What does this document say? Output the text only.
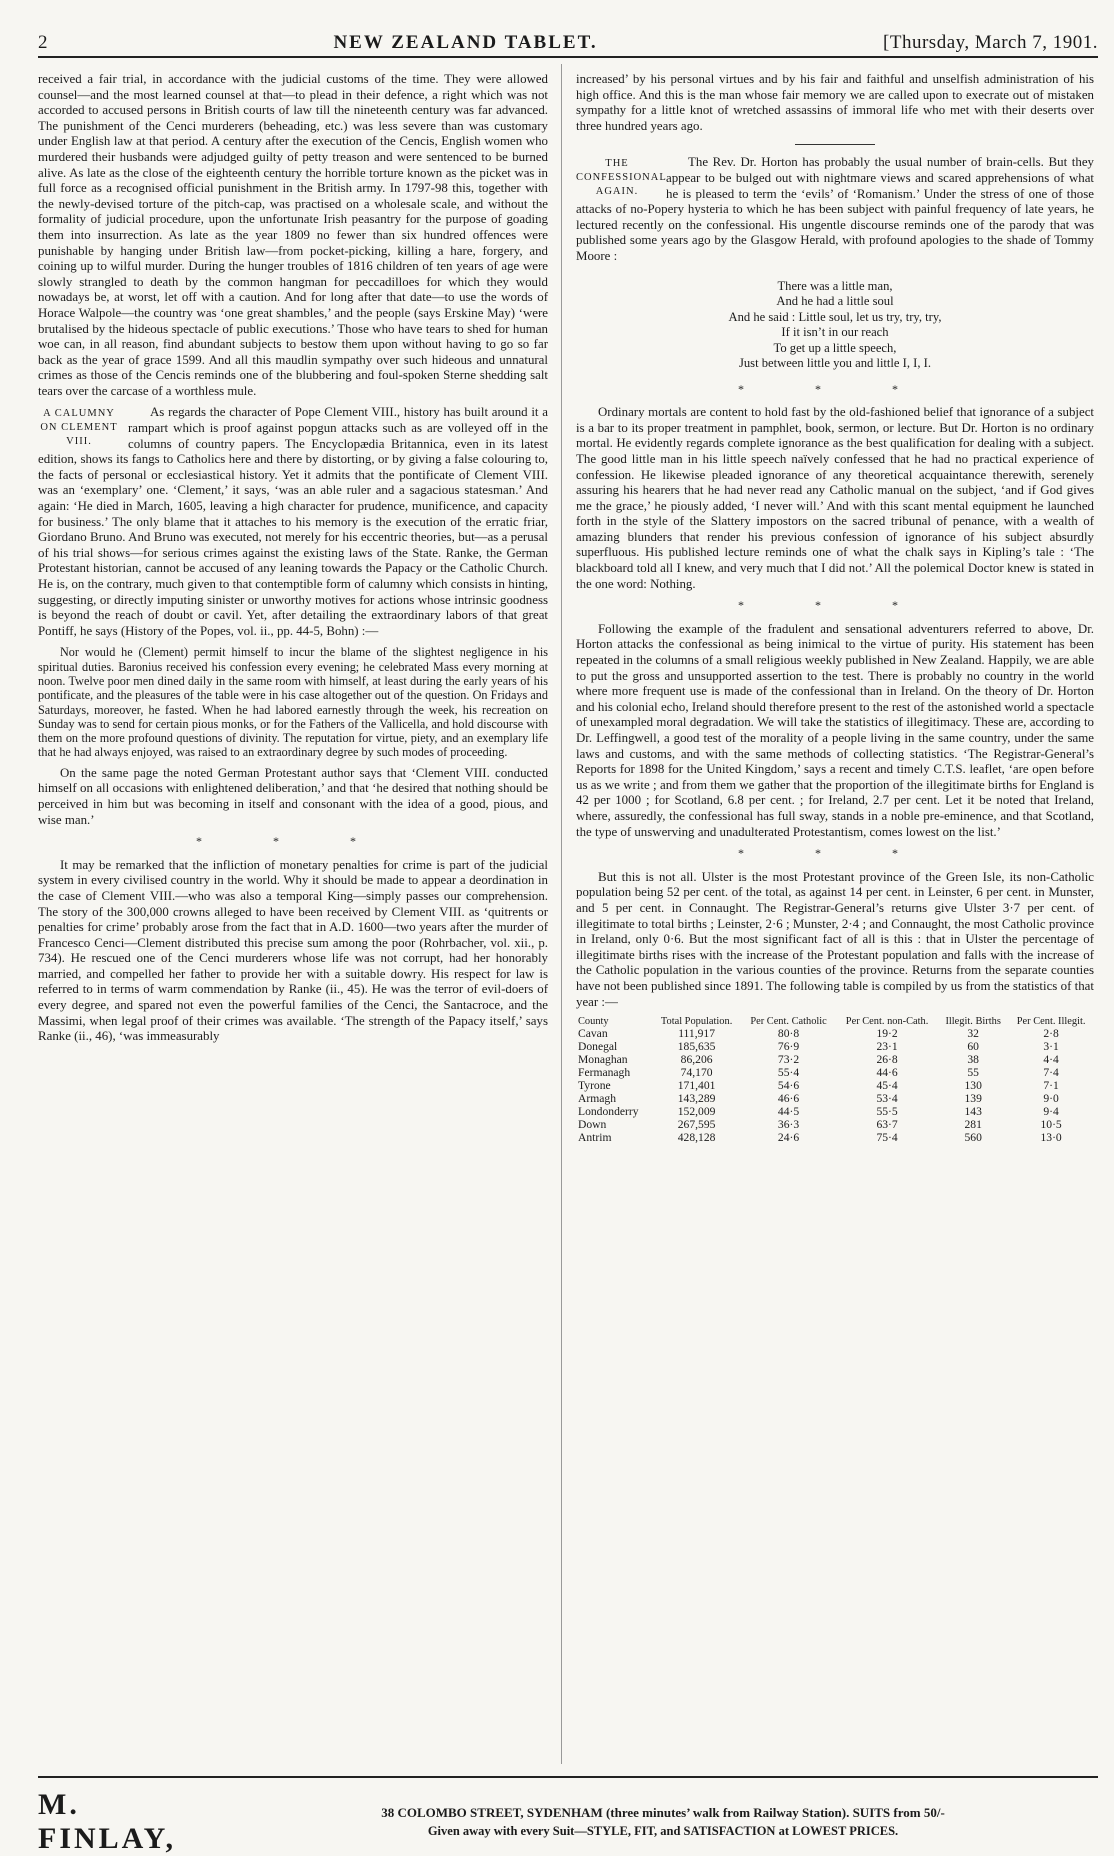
2	NEW ZEALAND TABLET.	[Thursday, March 7, 1901.

received a fair trial, in accordance with the judicial customs of the time. They were allowed counsel—and the most learned counsel at that—to plead in their defence, a right which was not accorded to accused persons in British courts of law till the nineteenth century was far advanced. The punishment of the Cenci murderers (beheading, etc.) was less severe than was customary under English law at that period. A century after the execution of the Cencis, English women who murdered their husbands were adjudged guilty of petty treason and were sentenced to be burned alive. As late as the close of the eighteenth century the horrible torture known as the picket was in full force as a recognised official punishment in the British army. In 1797-98 this, together with the newly-devised torture of the pitch-cap, was practised on a wholesale scale, and without the formality of judicial procedure, upon the unfortunate Irish peasantry for the purpose of goading them into insurrection. As late as the year 1809 no fewer than six hundred offences were punishable by hanging under British law—from pocket-picking, killing a hare, forgery, and coining up to wilful murder. During the hunger troubles of 1816 children of ten years of age were slowly strangled to death by the common hangman for peccadilloes for which they would nowadays be, at worst, let off with a caution. And for long after that date—to use the words of Horace Walpole—the country was ‘one great shambles,’ and the people (says Erskine May) ‘were brutalised by the hideous spectacle of public executions.’ Those who have tears to shed for human woe can, in all reason, find abundant subjects to bestow them upon without having to go so far back as the year of grace 1599. And all this maudlin sympathy over such hideous and unnatural crimes as those of the Cencis reminds one of the blubbering and foul-spoken Sterne shedding salt tears over the carcase of a worthless mule.

A CALUMNY ON CLEMENT VIII.

As regards the character of Pope Clement VIII., history has built around it a rampart which is proof against popgun attacks such as are volleyed off in the columns of country papers. The Encyclopædia Britannica, even in its latest edition, shows its fangs to Catholics here and there by distorting, or by giving a false colouring to, the facts of personal or ecclesiastical history. Yet it admits that the pontificate of Clement VIII. was an ‘exemplary’ one. ‘Clement,’ it says, ‘was an able ruler and a sagacious statesman.’ And again: ‘He died in March, 1605, leaving a high character for prudence, munificence, and capacity for business.’ The only blame that it attaches to his memory is the execution of the erratic friar, Giordano Bruno. And Bruno was executed, not merely for his eccentric theories, but—as a perusal of his trial shows—for serious crimes against the existing laws of the State. Ranke, the German Protestant historian, cannot be accused of any leaning towards the Papacy or the Catholic Church. He is, on the contrary, much given to that contemptible form of calumny which consists in hinting, suggesting, or directly imputing sinister or unworthy motives for actions whose intrinsic goodness is beyond the reach of doubt or cavil. Yet, after detailing the extraordinary labors of that great Pontiff, he says (History of the Popes, vol. ii., pp. 44-5, Bohn) :—

Nor would he (Clement) permit himself to incur the blame of the slightest negligence in his spiritual duties. Baronius received his confession every evening; he celebrated Mass every morning at noon. Twelve poor men dined daily in the same room with himself, at least during the early years of his pontificate, and the pleasures of the table were in his case altogether out of the question. On Fridays and Saturdays, moreover, he fasted. When he had labored earnestly through the week, his recreation on Sunday was to send for certain pious monks, or for the Fathers of the Vallicella, and hold discourse with them on the more profound questions of divinity. The reputation for virtue, piety, and an exemplary life that he had always enjoyed, was raised to an extraordinary degree by such modes of proceeding.

On the same page the noted German Protestant author says that ‘Clement VIII. conducted himself on all occasions with enlightened deliberation,’ and that ‘he desired that nothing should be perceived in him but was becoming in itself and consonant with the idea of a good, pious, and wise man.’

* * *

It may be remarked that the infliction of monetary penalties for crime is part of the judicial system in every civilised country in the world. Why it should be made to appear a deordination in the case of Clement VIII.—who was also a temporal King—simply passes our comprehension. The story of the 300,000 crowns alleged to have been received by Clement VIII. as ‘quitrents or penalties for crime’ probably arose from the fact that in A.D. 1600—two years after the murder of Francesco Cenci—Clement distributed this precise sum among the poor (Rohrbacher, vol. xii., p. 734). He rescued one of the Cenci murderers whose life was not corrupt, had her honorably married, and compelled her father to provide her with a suitable dowry. His respect for law is referred to in terms of warm commendation by Ranke (ii., 45). He was the terror of evil-doers of every degree, and spared not even the powerful families of the Cenci, the Santacroce, and the Massimi, when legal proof of their crimes was available. ‘The strength of the Papacy itself,’ says Ranke (ii., 46), ‘was immeasurably

increased’ by his personal virtues and by his fair and faithful and unselfish administration of his high office. And this is the man whose fair memory we are called upon to execrate out of mistaken sympathy for a little knot of wretched assassins of immoral life who met with their deserts over three hundred years ago.

THE CONFESSIONAL AGAIN.

The Rev. Dr. Horton has probably the usual number of brain-cells. But they appear to be bulged out with nightmare views and scared apprehensions of what he is pleased to term the ‘evils’ of ‘Romanism.’ Under the stress of one of those attacks of no-Popery hysteria to which he has been subject with painful frequency of late years, he lectured recently on the confessional. His ungentle discourse reminds one of the parody that was published some years ago by the Glasgow Herald, with profound apologies to the shade of Tommy Moore :

There was a little man,
And he had a little soul
And he said : Little soul, let us try, try, try,
If it isn’t in our reach
To get up a little speech,
Just between little you and little I, I, I.
* * *

Ordinary mortals are content to hold fast by the old-fashioned belief that ignorance of a subject is a bar to its proper treatment in pamphlet, book, sermon, or lecture. But Dr. Horton is no ordinary mortal. He evidently regards complete ignorance as the best qualification for dealing with a subject. The good little man in his little speech naïvely confessed that he had no practical experience of confession. He likewise pleaded ignorance of any theoretical acquaintance therewith, serenely assuring his hearers that he had never read any Catholic manual on the subject, ‘and if God gives me the grace,’ he piously added, ‘I never will.’ And with this scant mental equipment he launched forth in the style of the Slattery impostors on the sacred tribunal of penance, with a wealth of amazing blunders that render his previous confession of ignorance of his subject absurdly superfluous. His published lecture reminds one of what the chalk says in Kipling’s tale : ‘The blackboard told all I knew, and very much that I did not.’ All the polemical Doctor knew is stated in the one word: Nothing.

* * *

Following the example of the fradulent and sensational adventurers referred to above, Dr. Horton attacks the confessional as being inimical to the virtue of purity. His statement has been repeated in the columns of a small religious weekly published in New Zealand. Happily, we are able to put the gross and unsupported assertion to the test. There is probably no country in the world where more frequent use is made of the confessional than in Ireland. On the theory of Dr. Horton and his colonial echo, Ireland should therefore present to the rest of the astonished world a spectacle of unexampled moral degradation. We will take the statistics of illegitimacy. These are, according to Dr. Leffingwell, a good test of the morality of a people living in the same country, under the same laws and customs, and with the same methods of collecting statistics. ‘The Registrar-General’s Reports for 1898 for the United Kingdom,’ says a recent and timely C.T.S. leaflet, ‘are open before us as we write ; and from them we gather that the proportion of the illegitimate births for England is 42 per 1000 ; for Scotland, 6.8 per cent. ; for Ireland, 2.7 per cent. Let it be noted that Ireland, where, assuredly, the confessional has full sway, stands in a noble pre-eminence, and that Scotland, the type of unswerving and unadulterated Protestantism, comes lowest on the list.’

* * *

But this is not all. Ulster is the most Protestant province of the Green Isle, its non-Catholic population being 52 per cent. of the total, as against 14 per cent. in Leinster, 6 per cent. in Munster, and 5 per cent. in Connaught. The Registrar-General’s returns give Ulster 3·7 per cent. of illegitimate to total births ; Leinster, 2·6 ; Munster, 2·4 ; and Connaught, the most Catholic province in Ireland, only 0·6. But the most significant fact of all is this : that in Ulster the percentage of illegitimate births rises with the increase of the Protestant population and falls with the increase of the Catholic population in the various counties of the province. Returns from the separate counties have not been published since 1891. The following table is compiled by us from the statistics of that year :—

County	Total Population.	Per Cent. Catholic	Per Cent. non-Cath.	Illegit. Births	Per Cent. Illegit.
Cavan	111,917	80·8	19·2	32	2·8
Donegal	185,635	76·9	23·1	60	3·1
Monaghan	86,206	73·2	26·8	38	4·4
Fermanagh	74,170	55·4	44·6	55	7·4
Tyrone	171,401	54·6	45·4	130	7·1
Armagh	143,289	46·6	53·4	139	9·0
Londonderry	152,009	44·5	55·5	143	9·4
Down	267,595	36·3	63·7	281	10·5
Antrim	428,128	24·6	75·4	560	13·0
M. FINLAY,
38 COLOMBO STREET, SYDENHAM (three minutes’ walk from Railway Station). SUITS from 50/-
Given away with every Suit—STYLE, FIT, and SATISFACTION at LOWEST PRICES.
